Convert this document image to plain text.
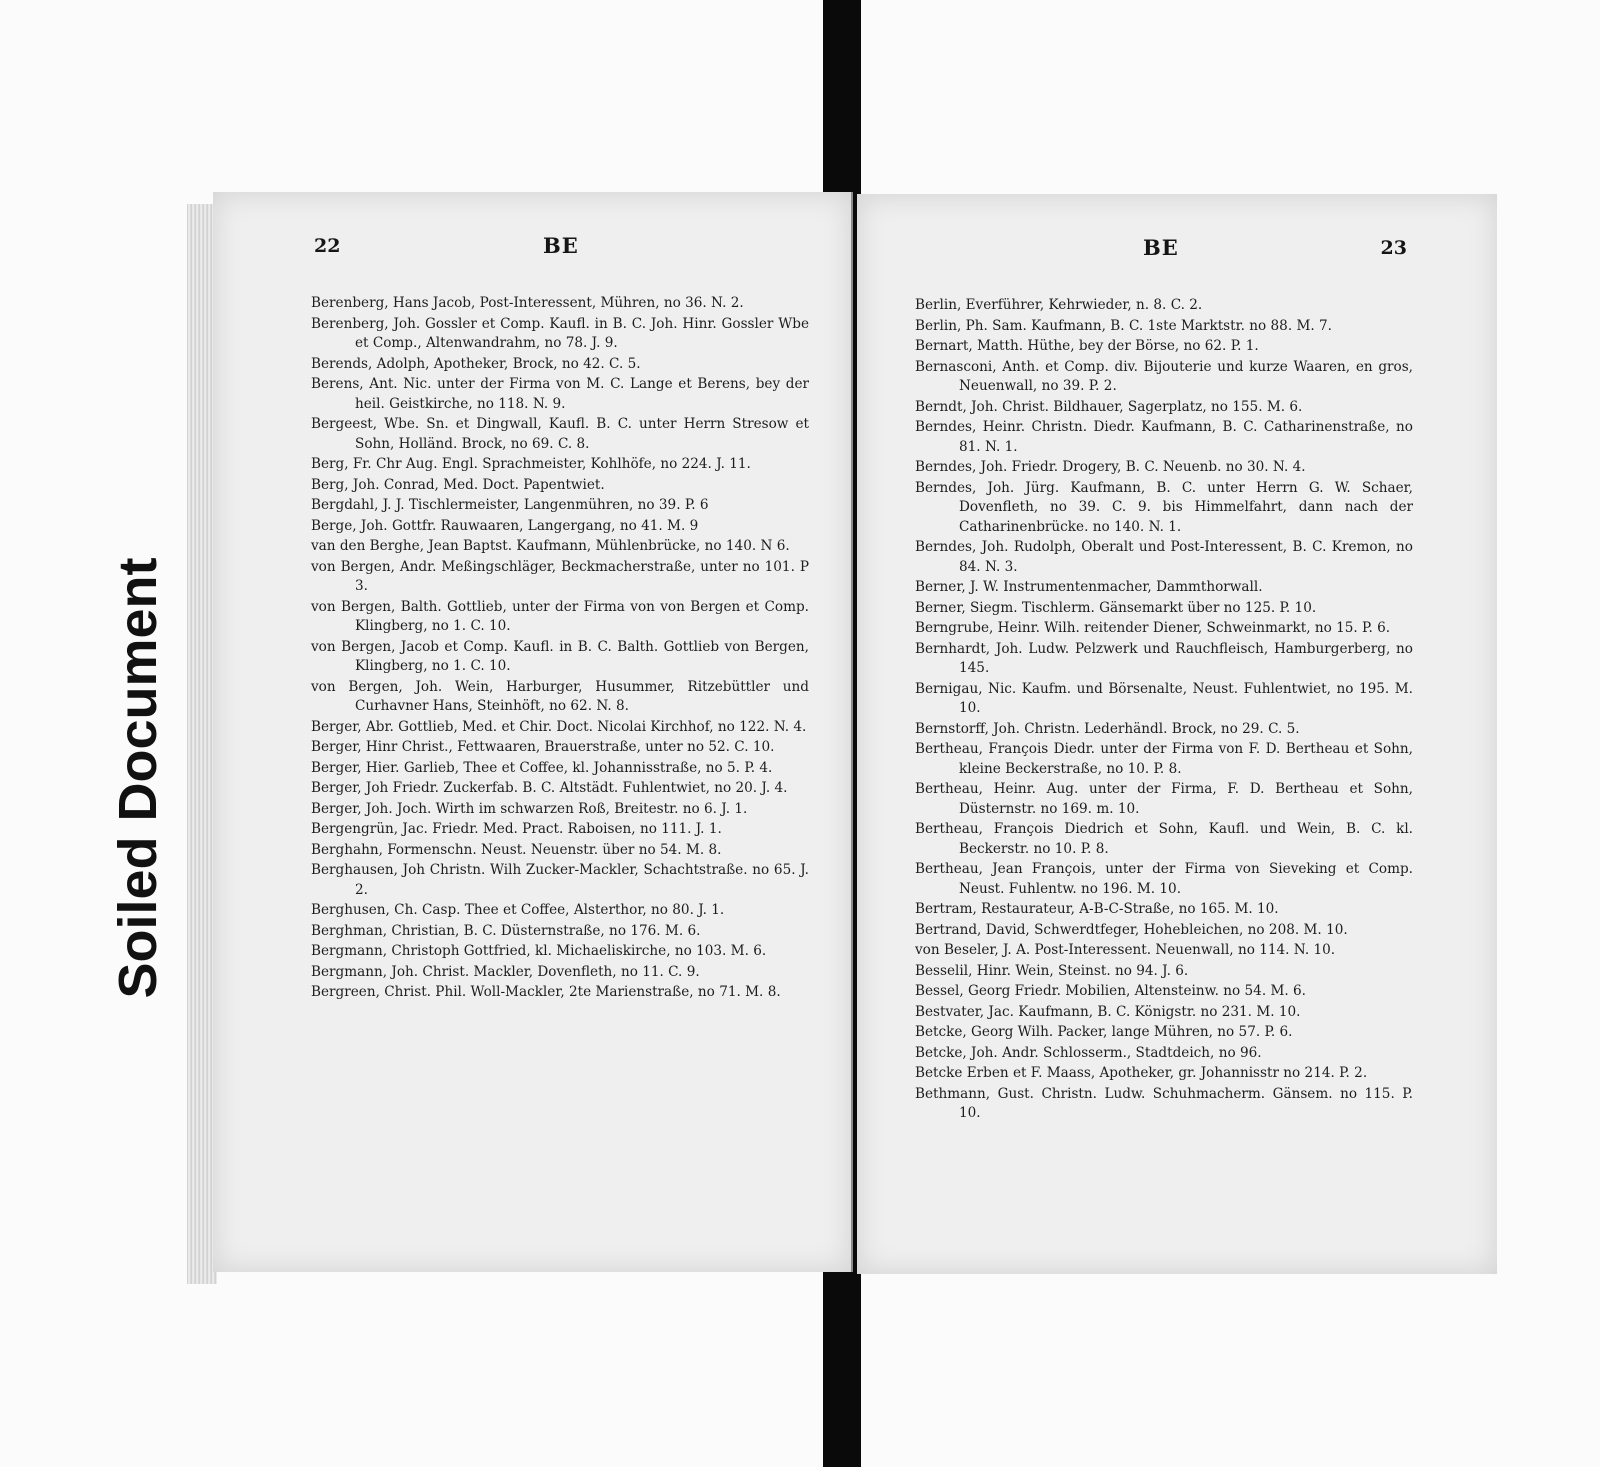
Soiled Document
22	BE
Berenberg, Hans Jacob, Post-Interessent, Mühren, no 36. N. 2.
Berenberg, Joh. Gossler et Comp. Kaufl. in B. C. Joh. Hinr. Gossler Wbe et Comp., Altenwandrahm, no 78. J. 9.
Berends, Adolph, Apotheker, Brock, no 42. C. 5.
Berens, Ant. Nic. unter der Firma von M. C. Lange et Berens, bey der heil. Geistkirche, no 118. N. 9.
Bergeest, Wbe. Sn. et Dingwall, Kaufl. B. C. unter Herrn Stresow et Sohn, Holländ. Brock, no 69. C. 8.
Berg, Fr. Chr Aug. Engl. Sprachmeister, Kohlhöfe, no 224. J. 11.
Berg, Joh. Conrad, Med. Doct. Papentwiet.
Bergdahl, J. J. Tischlermeister, Langenmühren, no 39. P. 6
Berge, Joh. Gottfr. Rauwaaren, Langergang, no 41. M. 9
van den Berghe, Jean Baptst. Kaufmann, Mühlenbrücke, no 140. N 6.
von Bergen, Andr. Meßingschläger, Beckmacherstraße, unter no 101. P 3.
von Bergen, Balth. Gottlieb, unter der Firma von von Bergen et Comp. Klingberg, no 1. C. 10.
von Bergen, Jacob et Comp. Kaufl. in B. C. Balth. Gottlieb von Bergen, Klingberg, no 1. C. 10.
von Bergen, Joh. Wein, Harburger, Husummer, Ritzebüttler und Curhavner Hans, Steinhöft, no 62. N. 8.
Berger, Abr. Gottlieb, Med. et Chir. Doct. Nicolai Kirchhof, no 122. N. 4.
Berger, Hinr Christ., Fettwaaren, Brauerstraße, unter no 52. C. 10.
Berger, Hier. Garlieb, Thee et Coffee, kl. Johannisstraße, no 5. P. 4.
Berger, Joh Friedr. Zuckerfab. B. C. Altstädt. Fuhlentwiet, no 20. J. 4.
Berger, Joh. Joch. Wirth im schwarzen Roß, Breitestr. no 6. J. 1.
Bergengrün, Jac. Friedr. Med. Pract. Raboisen, no 111. J. 1.
Berghahn, Formenschn. Neust. Neuenstr. über no 54. M. 8.
Berghausen, Joh Christn. Wilh Zucker-Mackler, Schachtstraße. no 65. J. 2.
Berghusen, Ch. Casp. Thee et Coffee, Alsterthor, no 80. J. 1.
Berghman, Christian, B. C. Düsternstraße, no 176. M. 6.
Bergmann, Christoph Gottfried, kl. Michaeliskirche, no 103. M. 6.
Bergmann, Joh. Christ. Mackler, Dovenfleth, no 11. C. 9.
Bergreen, Christ. Phil. Woll-Mackler, 2te Marienstraße, no 71. M. 8.
23
BE
Berlin, Everführer, Kehrwieder, n. 8. C. 2.
Berlin, Ph. Sam. Kaufmann, B. C. 1ste Marktstr. no 88. M. 7.
Bernart, Matth. Hüthe, bey der Börse, no 62. P. 1.
Bernasconi, Anth. et Comp. div. Bijouterie und kurze Waaren, en gros, Neuenwall, no 39. P. 2.
Berndt, Joh. Christ. Bildhauer, Sagerplatz, no 155. M. 6.
Berndes, Heinr. Christn. Diedr. Kaufmann, B. C. Catharinenstraße, no 81. N. 1.
Berndes, Joh. Friedr. Drogery, B. C. Neuenb. no 30. N. 4.
Berndes, Joh. Jürg. Kaufmann, B. C. unter Herrn G. W. Schaer, Dovenfleth, no 39. C. 9. bis Himmelfahrt, dann nach der Catharinenbrücke. no 140. N. 1.
Berndes, Joh. Rudolph, Oberalt und Post-Interessent, B. C. Kremon, no 84. N. 3.
Berner, J. W. Instrumentenmacher, Dammthorwall.
Berner, Siegm. Tischlerm. Gänsemarkt über no 125. P. 10.
Berngrube, Heinr. Wilh. reitender Diener, Schweinmarkt, no 15. P. 6.
Bernhardt, Joh. Ludw. Pelzwerk und Rauchfleisch, Hamburgerberg, no 145.
Bernigau, Nic. Kaufm. und Börsenalte, Neust. Fuhlentwiet, no 195. M. 10.
Bernstorff, Joh. Christn. Lederhändl. Brock, no 29. C. 5.
Bertheau, François Diedr. unter der Firma von F. D. Bertheau et Sohn, kleine Beckerstraße, no 10. P. 8.
Bertheau, Heinr. Aug. unter der Firma, F. D. Bertheau et Sohn, Düsternstr. no 169. m. 10.
Bertheau, François Diedrich et Sohn, Kaufl. und Wein, B. C. kl. Beckerstr. no 10. P. 8.
Bertheau, Jean François, unter der Firma von Sieveking et Comp. Neust. Fuhlentw. no 196. M. 10.
Bertram, Restaurateur, A-B-C-Straße, no 165. M. 10.
Bertrand, David, Schwerdtfeger, Hohebleichen, no 208. M. 10.
von Beseler, J. A. Post-Interessent. Neuenwall, no 114. N. 10.
Besselil, Hinr. Wein, Steinst. no 94. J. 6.
Bessel, Georg Friedr. Mobilien, Altensteinw. no 54. M. 6.
Bestvater, Jac. Kaufmann, B. C. Königstr. no 231. M. 10.
Betcke, Georg Wilh. Packer, lange Mühren, no 57. P. 6.
Betcke, Joh. Andr. Schlosserm., Stadtdeich, no 96.
Betcke Erben et F. Maass, Apotheker, gr. Johannisstr no 214. P. 2.
Bethmann, Gust. Christn. Ludw. Schuhmacherm. Gänsem. no 115. P. 10.
